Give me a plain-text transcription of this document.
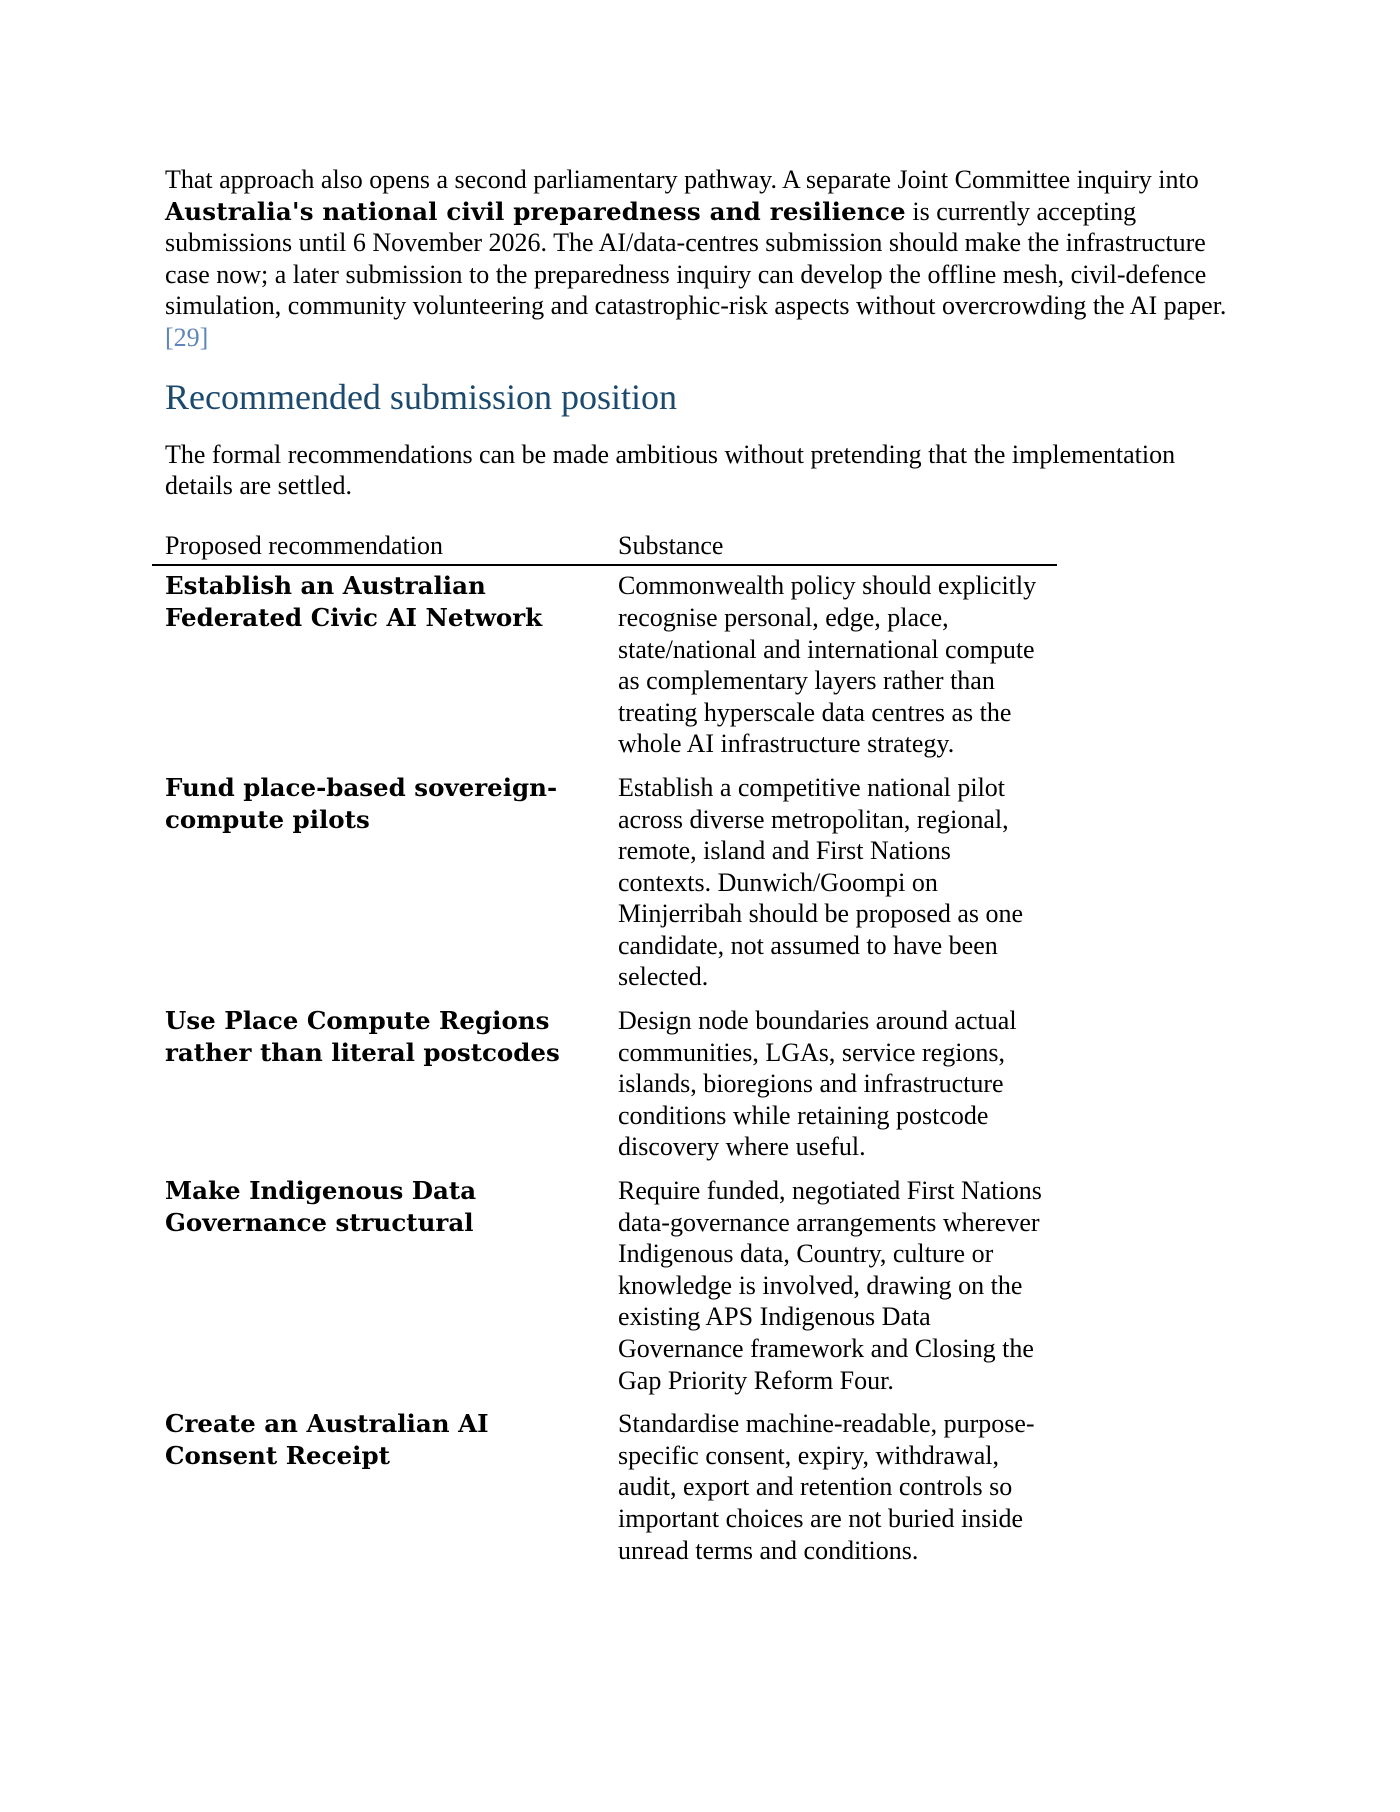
That approach also opens a second parliamentary pathway. A separate Joint Committee inquiry into Australia's national civil preparedness and resilience is currently accepting submissions until 6 November 2026. The AI/data-centres submission should make the infrastructure case now; a later submission to the preparedness inquiry can develop the offline mesh, civil-defence simulation, community volunteering and catastrophic-risk aspects without overcrowding the AI paper. [29]

Recommended submission position

The formal recommendations can be made ambitious without pretending that the implementation details are settled.

Proposed recommendation	Substance
Establish an Australian Federated Civic AI Network	Commonwealth policy should explicitly recognise personal, edge, place, state/national and international compute as complementary layers rather than treating hyperscale data centres as the whole AI infrastructure strategy.
Fund place-based sovereign-compute pilots	Establish a competitive national pilot across diverse metropolitan, regional, remote, island and First Nations contexts. Dunwich/Goompi on Minjerribah should be proposed as one candidate, not assumed to have been selected.
Use Place Compute Regions rather than literal postcodes	Design node boundaries around actual communities, LGAs, service regions, islands, bioregions and infrastructure conditions while retaining postcode discovery where useful.
Make Indigenous Data Governance structural	Require funded, negotiated First Nations data-governance arrangements wherever Indigenous data, Country, culture or knowledge is involved, drawing on the existing APS Indigenous Data Governance framework and Closing the Gap Priority Reform Four.
Create an Australian AI Consent Receipt	Standardise machine-readable, purpose-specific consent, expiry, withdrawal, audit, export and retention controls so important choices are not buried inside unread terms and conditions.
